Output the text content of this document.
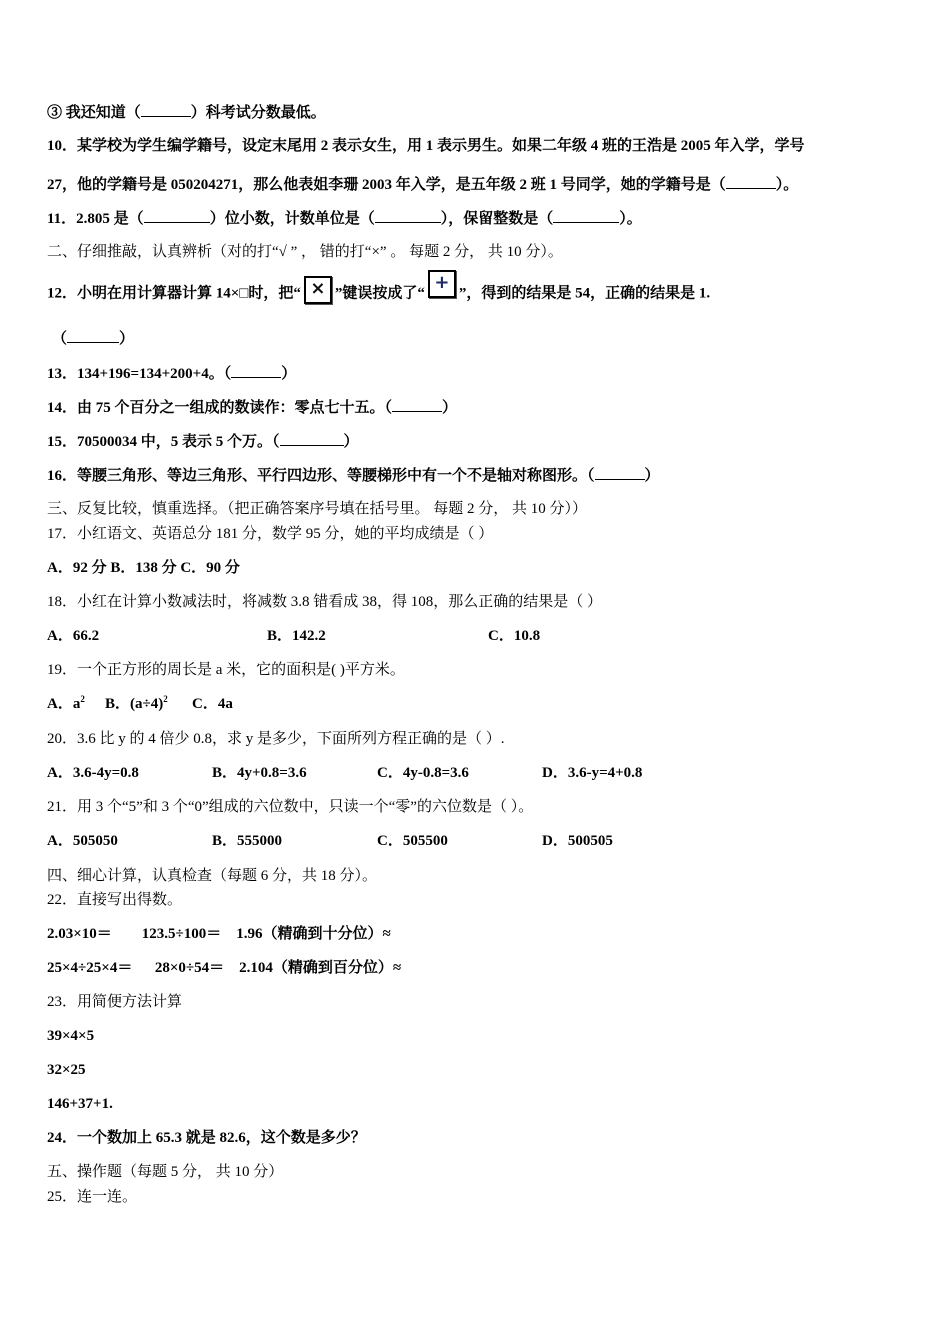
③ 我还知道（	）科考试分数最低。
10．某学校为学生编学籍号，设定末尾用 2 表示女生，用 1 表示男生。如果二年级 4 班的王浩是 2005 年入学，学号
27，他的学籍号是 050204271，那么他表姐李珊 2003 年入学，是五年级 2 班 1 号同学，她的学籍号是（	）。
11．2.805 是（	）位小数，计数单位是（	），保留整数是（	）。
二、仔细推敲，认真辨析（对的打“√ ” ， 错的打“×” 。 每题 2 分， 共 10 分）。
12．小明在用计算器计算 14×□时，把“ × ”键误按成了“+”，得到的结果是 54，正确的结果是 1.
（	）
13．134+196=134+200+4。（	）
14．由 75 个百分之一组成的数读作：零点七十五。（	）
15．70500034 中，5 表示 5 个万。（	）
16．等腰三角形、等边三角形、平行四边形、等腰梯形中有一个不是轴对称图形。（	）
三、反复比较，慎重选择。（把正确答案序号填在括号里。 每题 2 分， 共 10 分））
17．小红语文、英语总分 181 分，数学 95 分，她的平均成绩是（ ）
A．92 分 B．138 分 C．90 分
18．小红在计算小数减法时，将减数 3.8 错看成 38，得 108，那么正确的结果是（ ）
A．66.2	B．142.2	C．10.8
19．一个正方形的周长是 a 米，它的面积是( )平方米。
A．$a^2$ B．$(a\div 4)^2$ C．4a
20．3.6 比 y 的 4 倍少 0.8，求 y 是多少，下面所列方程正确的是（ ）.
A．3.6-4y=0.8	B．4y+0.8=3.6	C．4y-0.8=3.6	D．3.6-y=4+0.8
21．用 3 个“5”和 3 个“0”组成的六位数中，只读一个“零”的六位数是（ ）。
A．505050	B．555000	C．505500	D．500505
四、细心计算，认真检查（每题 6 分，共 18 分）。
22．直接写出得数。
2.03×10＝        123.5÷100＝    1.96（精确到十分位）≈
25×4÷25×4＝      28×0÷54＝    2.104（精确到百分位）≈
23．用简便方法计算
39×4×5
32×25
146+37+1.
24．一个数加上 65.3 就是 82.6，这个数是多少？
五、操作题（每题 5 分， 共 10 分）
25．连一连。
